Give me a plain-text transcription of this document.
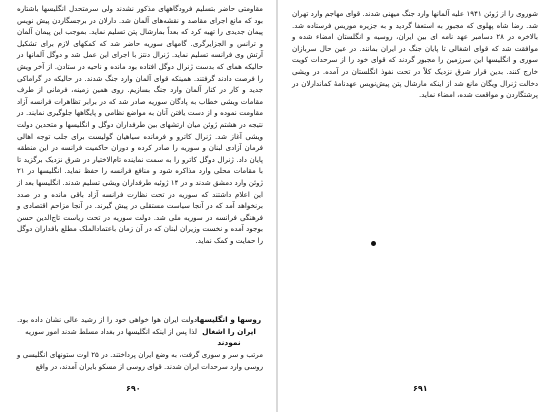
مقاومتی حاضر بتسلیم فرودگاههای مذکور نشدند ولی سرمتحدل انگلیسها باشتاره بود که مانع اجرای مقاصد و نقشه‌های آلمان شد. دارلان در برجسگاردن پیش نویس پیمان جدیدی را تهیه کرد که بعداً بمارشال پتن تسلیم نماید. بموجب این پیمان آلمان و ترانس و الجزایرگری. گامهای سوریه حاضر شد که کمکهای لازم برای تشکیل آرتش وی فرانسه تسلیم نماید. ژنرال دنتز با اجرای این عمل شد و دوگل آلمانها در حالیکه همای که بدست ژنرال دوگل افتاده بود مانده و ناحیه در ستادن. از آخر ویش را فرصت دادند گرفتند. همینکه قوای آلمان وارد جنگ شدند. در حالیکه در گراماکی جدید و کار در کنار آلمان وارد جنگ بسازیم. روی همین زمینه، فرمانی از طرف مقامات ویشی خطاب به پادگان سوریه صادر شد که در برابر تظاهرات فرانسه آزاد مقاومت نموده و از دست یافتن آنان به مواضع نظامی و پایگاهها جلوگیری نمایند. در نتیجه در هشتم ژوئن میان ارتشهای بین طرفداران دوگل و انگلیسها و متحدین دولت ویشی آغاز شد. ژنرال کاترو و فرمانده سیاهیان گولیست برای جلب توجه اهالی فرمان آزادی لبنان و سوریه را صادر کرده و دوران حاکمیت فرانسه در این منطقه پایان داد. ژنرال دوگل کاترو را به سمت نماینده تام‌الاختیار در شرق نزدیک برگزید تا با مقامات محلی وارد مذاکره شود و منافع فرانسه را حفظ نماید. انگلیسها در ۲۱ ژوئن وارد دمشق شدند و در ۱۴ ژوئیه طرفداران ویشی تسلیم شدند. انگلیسها بعد از این اعلام داشتند که سوریه در تحت نظارت فرانسه آزاد باقی مانده و در صدد برنخواهد آمد که در آنجا سیاست مستقلی در پیش گیرند. در آنجا مزاحم اقتصادی و فرهنگی فرانسه در سوریه ملی شد. دولت سوریه در تحت ریاست تاج‌الدین حسن بوجود آمده و نخست وزیران لبنان که در آن زمان باعتماد‌الملک مطلع با‌فداران دوگل را حمایت و کمک نماید.

روسها و انگلیسها ایران را اشغال نمودند
دولت ایران هوا خواهی خود را از رشید عالی نشان داده بود. لذا پس از اینکه انگلیسها در بغداد مسلط شدند امور سوریه
مرتب و سر و سوری گرفت، به وضع ایران پرداختند. در ۲۵ اوت ستونهای انگلیسی و روسی وارد سرحدات ایران شدند. قوای روسی از مسکو بایران آمدند، در واقع
۶۹۰

شوروی را از ژوئن ۱۹۴۱ علیه آلمانها وارد جنگ میهنی شدند. قوای مهاجم وارد تهران شد. رضا شاه پهلوی که مجبور به استعفا گردید و به جزیره موریس فرستاده شد. بالاخره در ۲۸ دسامبر عهد نامه ای بین ایران، روسیه و انگلستان امضاء شده و موافقت شد که قوای اشغالی تا پایان جنگ در ایران بمانند. در عین حال سربازان سوری و انگلیسها این سرزمین را مجبور گردند که قوای خود را از سرحدات کویت خارج کنند. بدین قرار شرق نزدیک کلاً در تحت نفوذ انگلستان در آمده. در ویشی دخالت ژنرال ویگان مانع شد از اینکه مارشال پتن پیش‌نویس عهدنامهٔ کماندارلان در پرشتگاردن و مواقعت شده، امضاء نماید.

۶۹۱
